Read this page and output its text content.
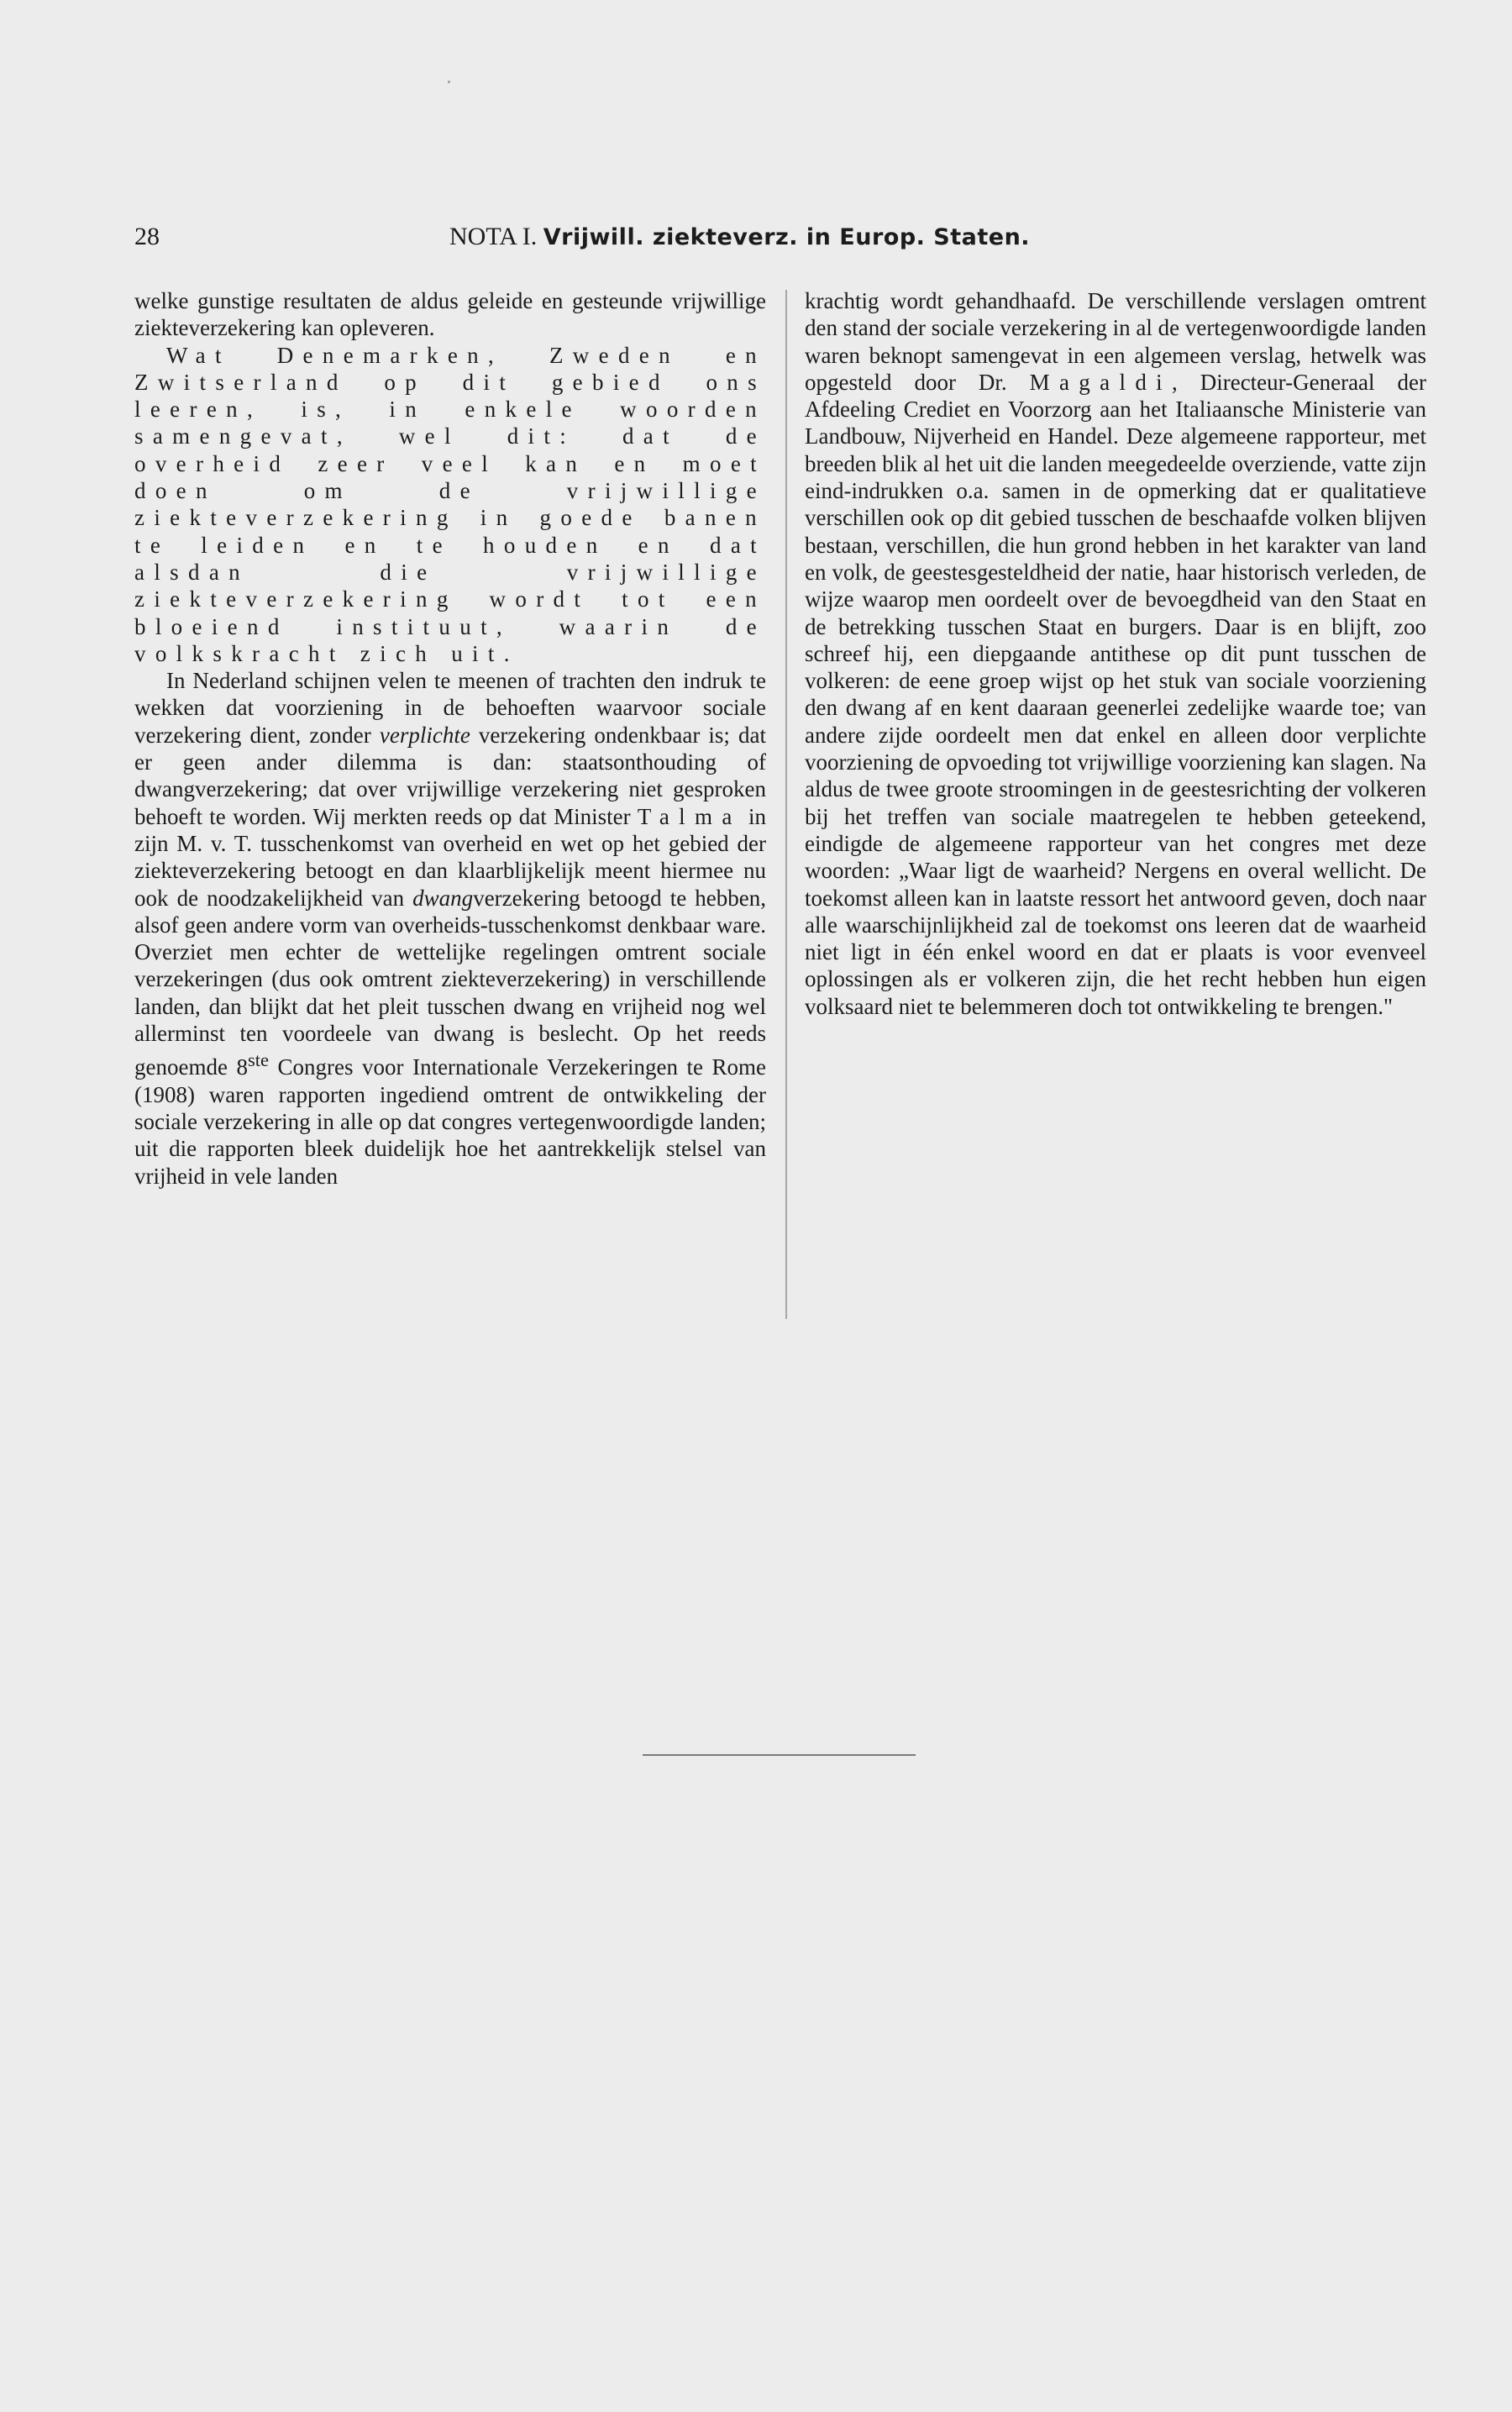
28	NOTA I. Vrijwill. ziekteverz. in Europ. Staten.

welke gunstige resultaten de aldus geleide en gesteunde vrijwillige ziekteverzekering kan opleveren.

Wat Denemarken, Zweden en Zwitserland op dit gebied ons leeren, is, in enkele woorden samengevat, wel dit: dat de overheid zeer veel kan en moet doen om de vrijwillige ziekteverzekering in goede banen te leiden en te houden en dat alsdan die vrijwillige ziekteverzekering wordt tot een bloeiend instituut, waarin de volkskracht zich uit.

In Nederland schijnen velen te meenen of trachten den indruk te wekken dat voorziening in de behoeften waarvoor sociale verzekering dient, zonder verplichte verzekering ondenkbaar is; dat er geen ander dilemma is dan: staatsonthouding of dwangverzekering; dat over vrijwillige verzekering niet gesproken behoeft te worden. Wij merkten reeds op dat Minister Talma in zijn M. v. T. tusschenkomst van overheid en wet op het gebied der ziekteverzekering betoogt en dan klaarblijkelijk meent hiermee nu ook de noodzakelijkheid van dwangverzekering betoogd te hebben, alsof geen andere vorm van overheids-tusschenkomst denkbaar ware. Overziet men echter de wettelijke regelingen omtrent sociale verzekeringen (dus ook omtrent ziekteverzekering) in verschillende landen, dan blijkt dat het pleit tusschen dwang en vrijheid nog wel allerminst ten voordeele van dwang is beslecht. Op het reeds genoemde 8ste Congres voor Internationale Verzekeringen te Rome (1908) waren rapporten ingediend omtrent de ontwikkeling der sociale verzekering in alle op dat congres vertegenwoordigde landen; uit die rapporten bleek duidelijk hoe het aantrekkelijk stelsel van vrijheid in vele landen

krachtig wordt gehandhaafd. De verschillende verslagen omtrent den stand der sociale verzekering in al de vertegenwoordigde landen waren beknopt samengevat in een algemeen verslag, hetwelk was opgesteld door Dr. Magaldi, Directeur-Generaal der Afdeeling Crediet en Voorzorg aan het Italiaansche Ministerie van Landbouw, Nijverheid en Handel. Deze algemeene rapporteur, met breeden blik al het uit die landen meegedeelde overziende, vatte zijn eind-indrukken o.a. samen in de opmerking dat er qualitatieve verschillen ook op dit gebied tusschen de beschaafde volken blijven bestaan, verschillen, die hun grond hebben in het karakter van land en volk, de geestesgesteldheid der natie, haar historisch verleden, de wijze waarop men oordeelt over de bevoegdheid van den Staat en de betrekking tusschen Staat en burgers. Daar is en blijft, zoo schreef hij, een diepgaande antithese op dit punt tusschen de volkeren: de eene groep wijst op het stuk van sociale voorziening den dwang af en kent daaraan geenerlei zedelijke waarde toe; van andere zijde oordeelt men dat enkel en alleen door verplichte voorziening de opvoeding tot vrijwillige voorziening kan slagen. Na aldus de twee groote stroomingen in de geestesrichting der volkeren bij het treffen van sociale maatregelen te hebben geteekend, eindigde de algemeene rapporteur van het congres met deze woorden: „Waar ligt de waarheid? Nergens en overal wellicht. De toekomst alleen kan in laatste ressort het antwoord geven, doch naar alle waarschijnlijkheid zal de toekomst ons leeren dat de waarheid niet ligt in één enkel woord en dat er plaats is voor evenveel oplossingen als er volkeren zijn, die het recht hebben hun eigen volksaard niet te belemmeren doch tot ontwikkeling te brengen."
